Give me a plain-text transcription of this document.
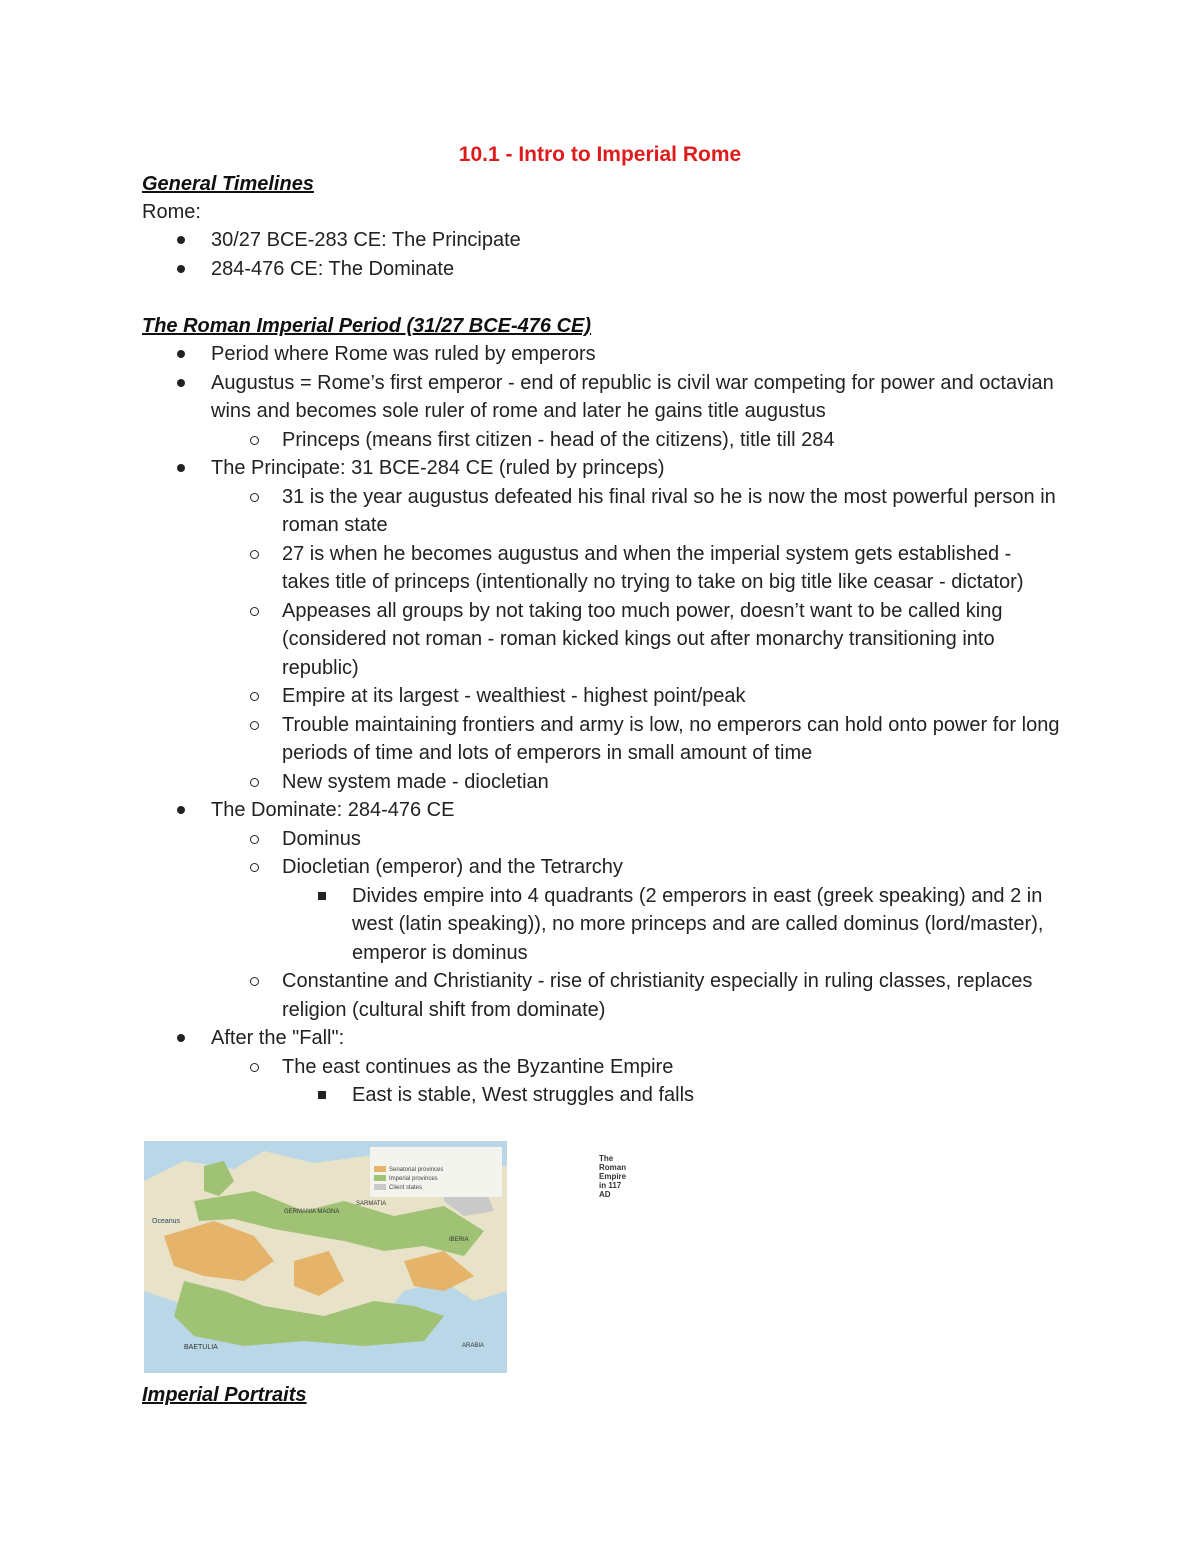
10.1 - Intro to Imperial Rome
General Timelines
Rome:
30/27 BCE-283 CE: The Principate
284-476 CE: The Dominate
The Roman Imperial Period (31/27 BCE-476 CE)
Period where Rome was ruled by emperors
Augustus = Rome’s first emperor - end of republic is civil war competing for power and octavian wins and becomes sole ruler of rome and later he gains title augustus
Princeps (means first citizen - head of the citizens), title till 284
The Principate: 31 BCE-284 CE (ruled by princeps)
31 is the year augustus defeated his final rival so he is now the most powerful person in roman state
27 is when he becomes augustus and when the imperial system gets established - takes title of princeps (intentionally no trying to take on big title like ceasar - dictator)
Appeases all groups by not taking too much power, doesn’t want to be called king (considered not roman - roman kicked kings out after monarchy transitioning into republic)
Empire at its largest - wealthiest - highest point/peak
Trouble maintaining frontiers and army is low, no emperors can hold onto power for long periods of time and lots of emperors in small amount of time
New system made - diocletian
The Dominate: 284-476 CE
Dominus
Diocletian (emperor) and the Tetrarchy
Divides empire into 4 quadrants (2 emperors in east (greek speaking) and 2 in west (latin speaking)), no more princeps and are called dominus (lord/master), emperor is dominus
Constantine and Christianity - rise of christianity especially in ruling classes, replaces religion (cultural shift from dominate)
After the "Fall":
The east continues as the Byzantine Empire
East is stable, West struggles and falls
Oceanus
GERMANIA MAGNA
SARMATIA
IBERIA
BAETULIA	ARABIA
The Roman Empire in 117 AD
Senatorial provinces
Imperial provinces
Client states
Imperial Portraits
